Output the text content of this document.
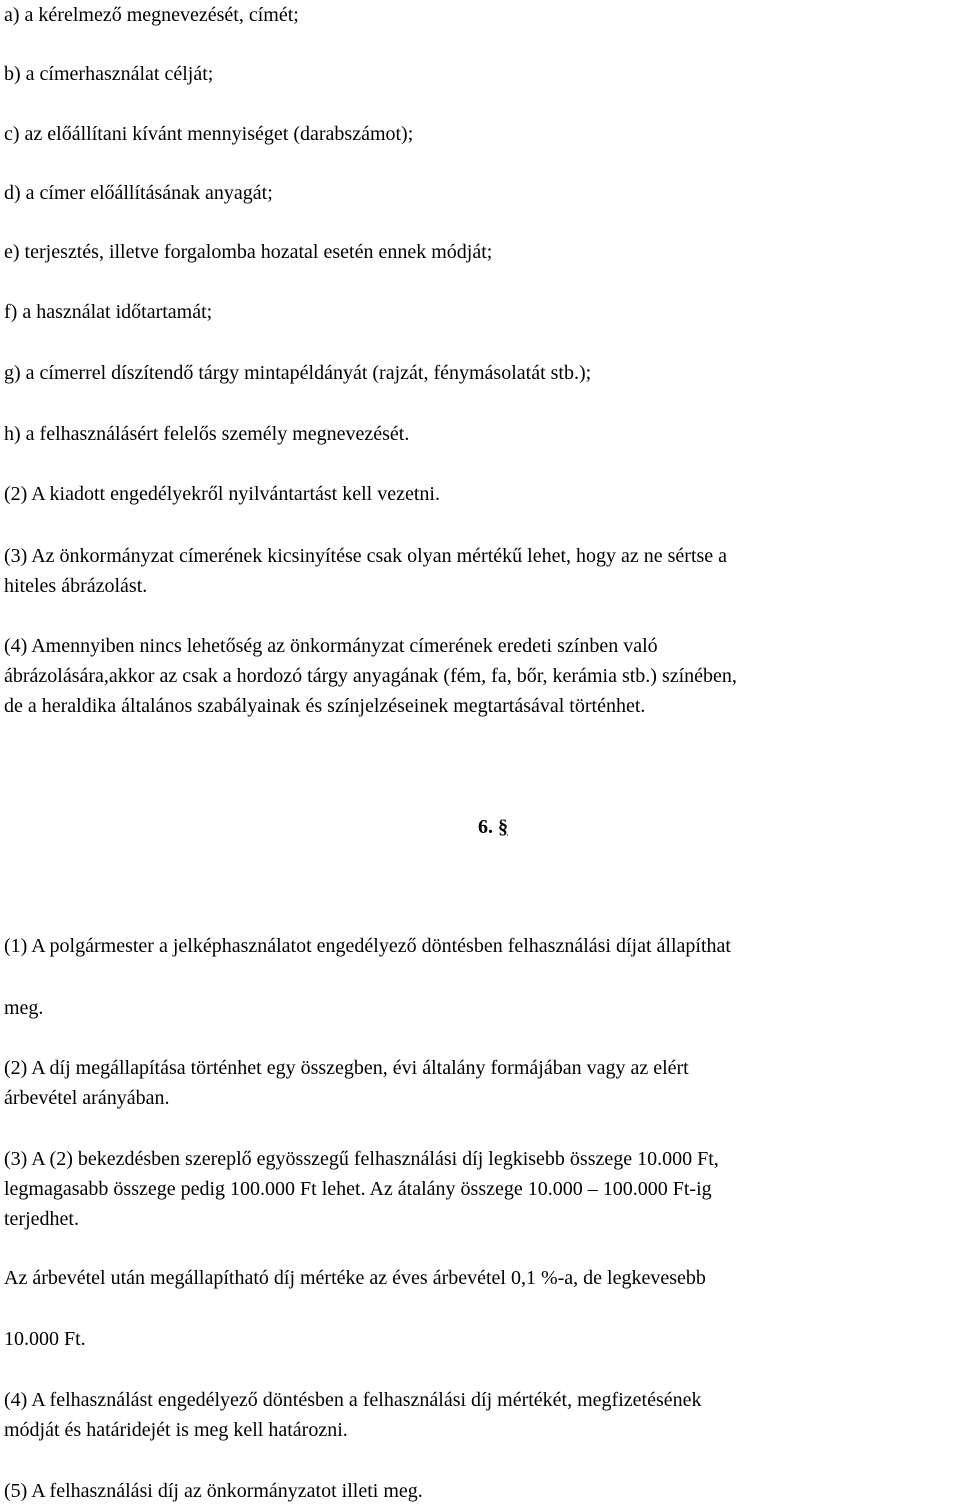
a) a kérelmező megnevezését, címét;
b) a címerhasználat célját;
c) az előállítani kívánt mennyiséget (darabszámot);
d) a címer előállításának anyagát;
e) terjesztés, illetve forgalomba hozatal esetén ennek módját;
f) a használat időtartamát;
g) a címerrel díszítendő tárgy mintapéldányát (rajzát, fénymásolatát stb.);
h) a felhasználásért felelős személy megnevezését.
(2) A kiadott engedélyekről nyilvántartást kell vezetni.
(3) Az önkormányzat címerének kicsinyítése csak olyan mértékű lehet, hogy az ne sértse a
hiteles ábrázolást.
(4) Amennyiben nincs lehetőség az önkormányzat címerének eredeti színben való
ábrázolására,akkor az csak a hordozó tárgy anyagának (fém, fa, bőr, kerámia stb.) színében,
de a heraldika általános szabályainak és színjelzéseinek megtartásával történhet.
6. §
(1) A polgármester a jelképhasználatot engedélyező döntésben felhasználási díjat állapíthat
meg.
(2) A díj megállapítása történhet egy összegben, évi általány formájában vagy az elért
árbevétel arányában.
(3) A (2) bekezdésben szereplő egyösszegű felhasználási díj legkisebb összege 10.000 Ft,
legmagasabb összege pedig 100.000 Ft lehet. Az átalány összege 10.000 – 100.000 Ft-ig
terjedhet.
Az árbevétel után megállapítható díj mértéke az éves árbevétel 0,1 %-a, de legkevesebb
10.000 Ft.
(4) A felhasználást engedélyező döntésben a felhasználási díj mértékét, megfizetésének
módját és határidejét is meg kell határozni.
(5) A felhasználási díj az önkormányzatot illeti meg.
